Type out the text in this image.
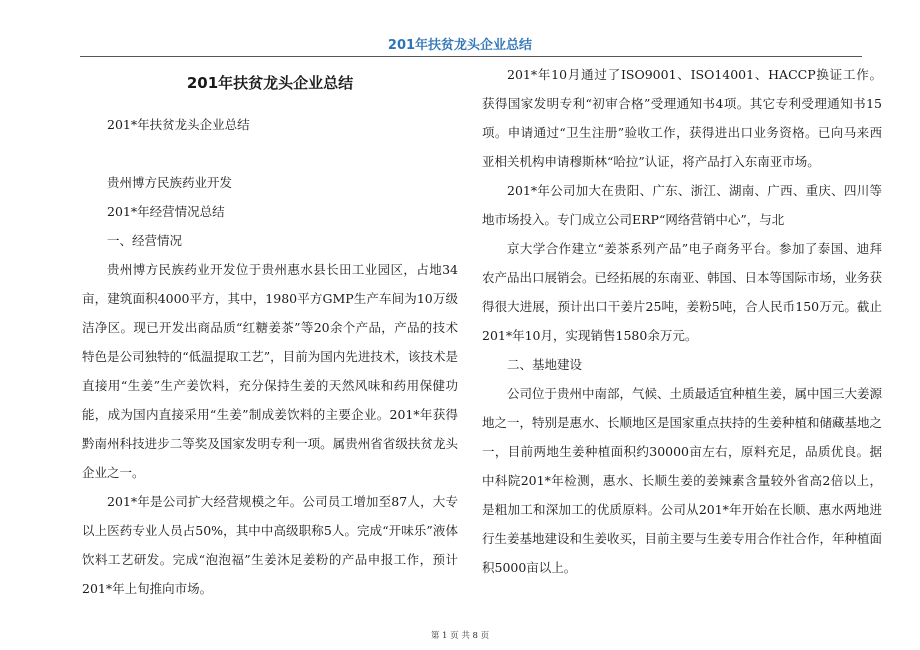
201年扶贫龙头企业总结
201年扶贫龙头企业总结

201*年扶贫龙头企业总结

贵州博方民族药业开发

201*年经营情况总结

一、经营情况

贵州博方民族药业开发位于贵州惠水县长田工业园区，占地34亩，建筑面积4000平方，其中，1980平方GMP生产车间为10万级洁净区。现已开发出商品质“红糖姜茶”等20余个产品，产品的技术特色是公司独特的“低温提取工艺”，目前为国内先进技术，该技术是直接用“生姜”生产姜饮料，充分保持生姜的天然风味和药用保健功能，成为国内直接采用“生姜”制成姜饮料的主要企业。201*年获得黔南州科技进步二等奖及国家发明专利一项。属贵州省省级扶贫龙头企业之一。

201*年是公司扩大经营规模之年。公司员工增加至87人，大专以上医药专业人员占50%，其中中高级职称5人。完成“开味乐”液体饮料工艺研发。完成“泡泡福”生姜沐足姜粉的产品申报工作，预计201*年上旬推向市场。

201*年10月通过了ISO9001、ISO14001、HACCP换证工作。获得国家发明专利“初审合格”受理通知书4项。其它专利受理通知书15项。申请通过“卫生注册”验收工作，获得进出口业务资格。已向马来西亚相关机构申请穆斯林“哈拉”认证，将产品打入东南亚市场。

201*年公司加大在贵阳、广东、浙江、湖南、广西、重庆、四川等地市场投入。专门成立公司ERP“网络营销中心”，与北

京大学合作建立“姜茶系列产品”电子商务平台。参加了泰国、迪拜农产品出口展销会。已经拓展的东南亚、韩国、日本等国际市场，业务获得很大进展，预计出口干姜片25吨，姜粉5吨，合人民币150万元。截止201*年10月，实现销售1580余万元。

二、基地建设

公司位于贵州中南部，气候、土质最适宜种植生姜，属中国三大姜源地之一，特别是惠水、长顺地区是国家重点扶持的生姜种植和储藏基地之一，目前两地生姜种植面积约30000亩左右，原料充足，品质优良。据中科院201*年检测，惠水、长顺生姜的姜辣素含量较外省高2倍以上，是粗加工和深加工的优质原料。公司从201*年开始在长顺、惠水两地进行生姜基地建设和生姜收买，目前主要与生姜专用合作社合作，年种植面积5000亩以上。

第 1 页 共 8 页
